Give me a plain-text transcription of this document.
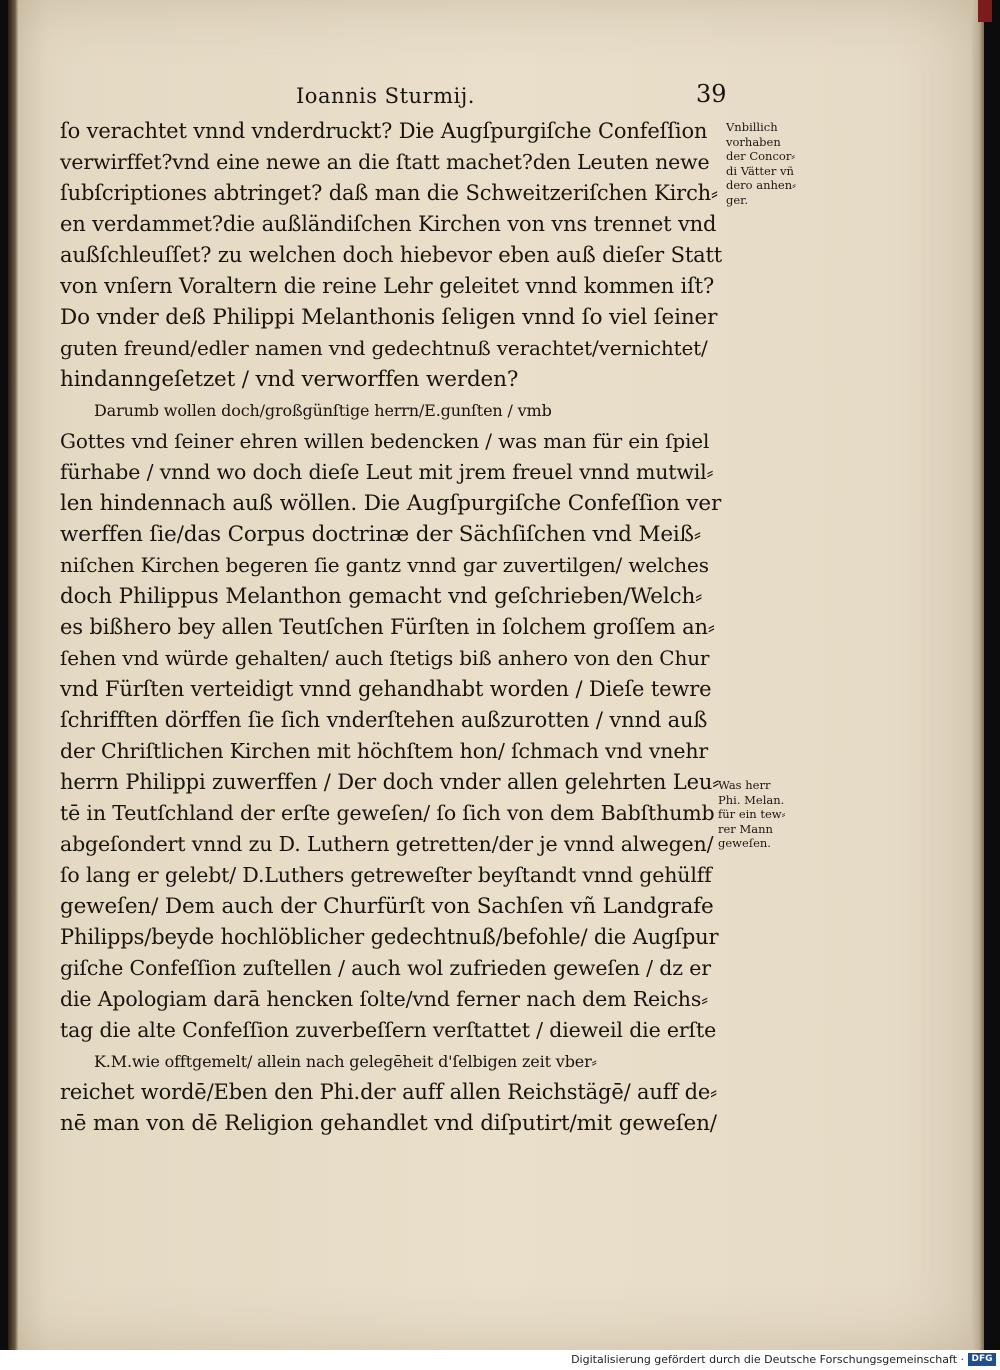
Ioannis Sturmij.	39
ſo verachtet vnnd vnderdruckt? Die Augſpurgiſche Confeſſion
verwirffet?vnd eine newe an die ſtatt machet?den Leuten newe
ſubſcriptiones abtringet? daß man die Schweitzeriſchen Kirch⸗
en verdammet?die außländiſchen Kirchen von vns trennet vnd
außſchleuſſet? zu welchen doch hiebevor eben auß dieſer Statt
von vnſern Voraltern die reine Lehr geleitet vnnd kommen iſt?
Do vnder deß Philippi Melanthonis ſeligen vnnd ſo viel ſeiner
guten freund/edler namen vnd gedechtnuß verachtet/vernichtet/
hindanngeſetzet / vnd verworffen werden?
Darumb wollen doch/großgünſtige herrn/E.gunſten / vmb
Gottes vnd ſeiner ehren willen bedencken / was man für ein ſpiel
fürhabe / vnnd wo doch dieſe Leut mit jrem freuel vnnd mutwil⸗
len hindennach auß wöllen. Die Augſpurgiſche Confeſſion ver
werffen ſie/das Corpus doctrinæ der Sächſiſchen vnd Meiß⸗
niſchen Kirchen begeren ſie gantz vnnd gar zuvertilgen/ welches
doch Philippus Melanthon gemacht vnd geſchrieben/Welch⸗
es bißhero bey allen Teutſchen Fürſten in ſolchem groſſem an⸗
ſehen vnd würde gehalten/ auch ſtetigs biß anhero von den Chur
vnd Fürſten verteidigt vnnd gehandhabt worden / Dieſe tewre
ſchrifften dörffen ſie ſich vnderſtehen außzurotten / vnnd auß
der Chriſtlichen Kirchen mit höchſtem hon/ ſchmach vnd vnehr
herrn Philippi zuwerffen / Der doch vnder allen gelehrten Leu⸗
tē in Teutſchland der erſte geweſen/ ſo ſich von dem Babſthumb
abgeſondert vnnd zu D. Luthern getretten/der je vnnd alwegen/
ſo lang er gelebt/ D.Luthers getreweſter beyſtandt vnnd gehülff
geweſen/ Dem auch der Churfürſt von Sachſen vñ Landgrafe
Philipps/beyde hochlöblicher gedechtnuß/befohle/ die Augſpur
giſche Confeſſion zuſtellen / auch wol zufrieden geweſen / dz er
die Apologiam darā hencken ſolte/vnd ferner nach dem Reichs⸗
tag die alte Confeſſion zuverbeſſern verſtattet / dieweil die erſte
K.M.wie offtgemelt/ allein nach gelegēheit d'ſelbigen zeit vber⸗
reichet wordē/Eben den Phi.der auff allen Reichstägē/ auff de⸗
nē man von dē Religion gehandlet vnd diſputirt/mit geweſen/
Vnbillich
vorhaben
der Concor⸗
di Vätter vñ
dero anhen⸗
ger.
Was herr
Phi. Melan.
für ein tew⸗
rer Mann
geweſen.
Digitalisierung gefördert durch die Deutsche Forschungsgemeinschaft · DFG
